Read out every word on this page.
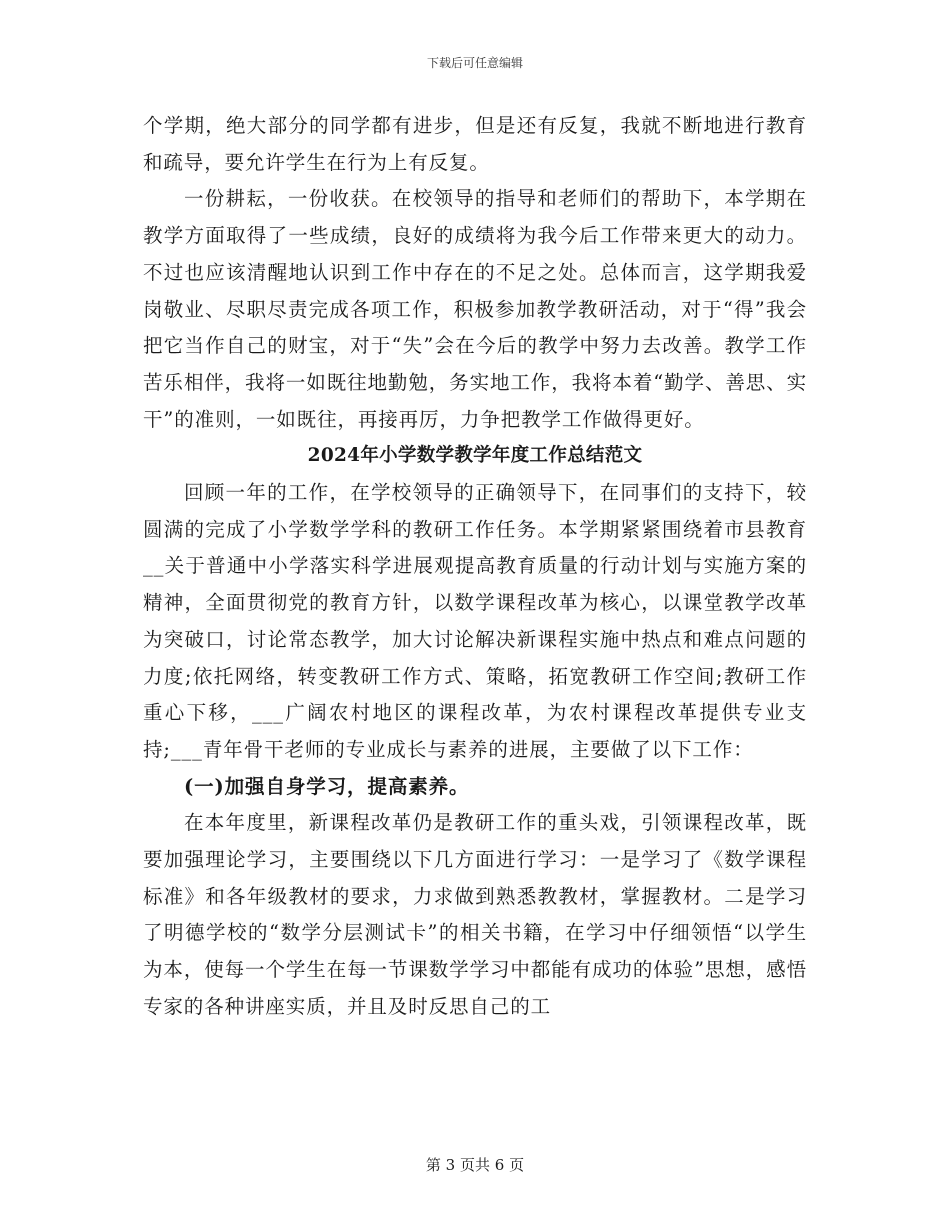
下载后可任意编辑

个学期，绝大部分的同学都有进步，但是还有反复，我就不断地进行教育和疏导，要允许学生在行为上有反复。

一份耕耘，一份收获。在校领导的指导和老师们的帮助下，本学期在教学方面取得了一些成绩，良好的成绩将为我今后工作带来更大的动力。不过也应该清醒地认识到工作中存在的不足之处。总体而言，这学期我爱岗敬业、尽职尽责完成各项工作，积极参加教学教研活动，对于“得”我会把它当作自己的财宝，对于“失”会在今后的教学中努力去改善。教学工作苦乐相伴，我将一如既往地勤勉，务实地工作，我将本着“勤学、善思、实干”的准则，一如既往，再接再厉，力争把教学工作做得更好。

2024年小学数学教学年度工作总结范文

回顾一年的工作，在学校领导的正确领导下，在同事们的支持下，较圆满的完成了小学数学学科的教研工作任务。本学期紧紧围绕着市县教育__关于普通中小学落实科学进展观提高教育质量的行动计划与实施方案的精神，全面贯彻党的教育方针，以数学课程改革为核心，以课堂教学改革为突破口，讨论常态教学，加大讨论解决新课程实施中热点和难点问题的力度;依托网络，转变教研工作方式、策略，拓宽教研工作空间;教研工作重心下移，___广阔农村地区的课程改革，为农村课程改革提供专业支持;___青年骨干老师的专业成长与素养的进展，主要做了以下工作：

(一)加强自身学习，提高素养。

在本年度里，新课程改革仍是教研工作的重头戏，引领课程改革，既要加强理论学习，主要围绕以下几方面进行学习：一是学习了《数学课程标准》和各年级教材的要求，力求做到熟悉教教材，掌握教材。二是学习了明德学校的“数学分层测试卡”的相关书籍，在学习中仔细领悟“以学生为本，使每一个学生在每一节课数学学习中都能有成功的体验”思想，感悟专家的各种讲座实质，并且及时反思自己的工

第 3 页共 6 页
